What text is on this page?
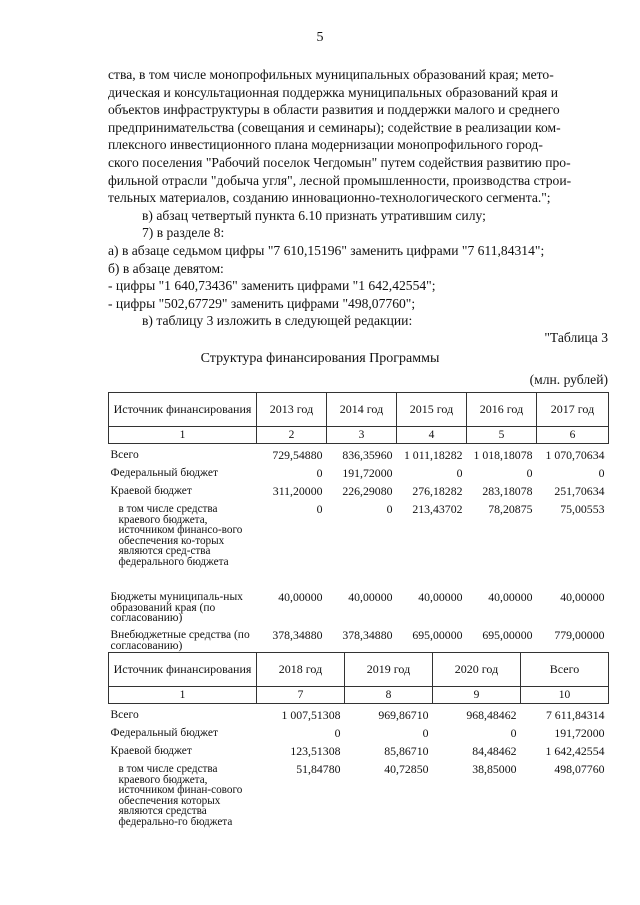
5

ства, в том числе монопрофильных муниципальных образований края; мето-

дическая и консультационная поддержка муниципальных образований края и

объектов инфраструктуры в области развития и поддержки малого и среднего

предпринимательства (совещания и семинары); содействие в реализации ком-

плексного инвестиционного плана модернизации монопрофильного город-

ского поселения "Рабочий поселок Чегдомын" путем содействия развитию про-

фильной отрасли "добыча угля", лесной промышленности, производства строи-

тельных материалов, созданию инновационно-технологического сегмента.";

в) абзац четвертый пункта 6.10 признать утратившим силу;

7) в разделе 8:

а) в абзаце седьмом цифры "7 610,15196" заменить цифрами "7 611,84314";

б) в абзаце девятом:

- цифры "1 640,73436" заменить цифрами "1 642,42554";

- цифры "502,67729" заменить цифрами "498,07760";

в) таблицу 3 изложить в следующей редакции:

"Таблица 3
Структура финансирования Программы
(млн. рублей)
Источник финансирования	2013 год	2014 год	2015 год	2016 год	2017 год
1	2	3	4	5	6

Всего	729,54880	836,35960	1 011,18282	1 018,18078	1 070,70634
Федеральный бюджет	0	191,72000	0	0	0
Краевой бюджет	311,20000	226,29080	276,18282	283,18078	251,70634
в том числе средства краевого бюджета, источником финансо-вого обеспечения ко-торых являются сред-ства федерального бюджета	0	0	213,43702	78,20875	75,00553
Бюджеты муниципаль-ных образований края (по согласованию)	40,00000	40,00000	40,00000	40,00000	40,00000
Внебюджетные средства (по согласованию)	378,34880	378,34880	695,00000	695,00000	779,00000
Источник финансирования	2018 год	2019 год	2020 год	Всего
1	7	8	9	10

Всего	1 007,51308	969,86710	968,48462	7 611,84314
Федеральный бюджет	0	0	0	191,72000
Краевой бюджет	123,51308	85,86710	84,48462	1 642,42554
в том числе средства краевого бюджета, источником финан-сового обеспечения которых являются средства федерально-го бюджета	51,84780	40,72850	38,85000	498,07760
